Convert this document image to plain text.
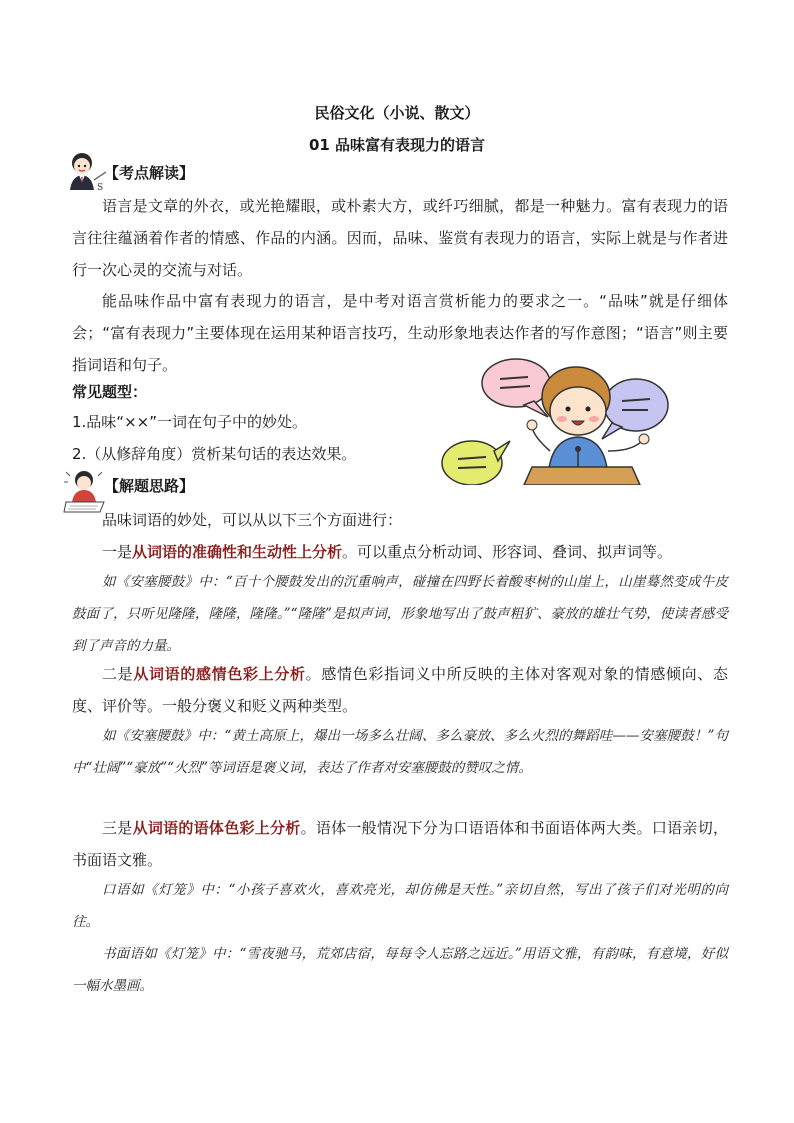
民俗文化（小说、散文）
01 品味富有表现力的语言
S
【考点解读】

语言是文章的外衣，或光艳耀眼，或朴素大方，或纤巧细腻，都是一种魅力。富有表现力的语言往往蕴涵着作者的情感、作品的内涵。因而，品味、鉴赏有表现力的语言，实际上就是与作者进行一次心灵的交流与对话。

能品味作品中富有表现力的语言，是中考对语言赏析能力的要求之一。“品味”就是仔细体会；“富有表现力”主要体现在运用某种语言技巧，生动形象地表达作者的写作意图；“语言”则主要指词语和句子。

常见题型：
1.品味“××”一词在句子中的妙处。
2.（从修辞角度）赏析某句话的表达效果。
【解题思路】

品味词语的妙处，可以从以下三个方面进行：

一是从词语的准确性和生动性上分析。可以重点分析动词、形容词、叠词、拟声词等。

如《安塞腰鼓》中：“百十个腰鼓发出的沉重响声，碰撞在四野长着酸枣树的山崖上，山崖蓦然变成牛皮鼓面了，只听见隆隆，隆隆，隆隆。”“隆隆”是拟声词，形象地写出了鼓声粗犷、豪放的雄壮气势，使读者感受到了声音的力量。

二是从词语的感情色彩上分析。感情色彩指词义中所反映的主体对客观对象的情感倾向、态度、评价等。一般分褒义和贬义两种类型。

如《安塞腰鼓》中：“黄土高原上，爆出一场多么壮阔、多么豪放、多么火烈的舞蹈哇——安塞腰鼓！”句中“壮阔”“豪放”“火烈”等词语是褒义词，表达了作者对安塞腰鼓的赞叹之情。

三是从词语的语体色彩上分析。语体一般情况下分为口语语体和书面语体两大类。口语亲切，书面语文雅。

口语如《灯笼》中：“小孩子喜欢火，喜欢亮光，却仿佛是天性。”亲切自然，写出了孩子们对光明的向往。

书面语如《灯笼》中：“雪夜驰马，荒郊店宿，每每令人忘路之远近。”用语文雅，有韵味，有意境，好似一幅水墨画。
